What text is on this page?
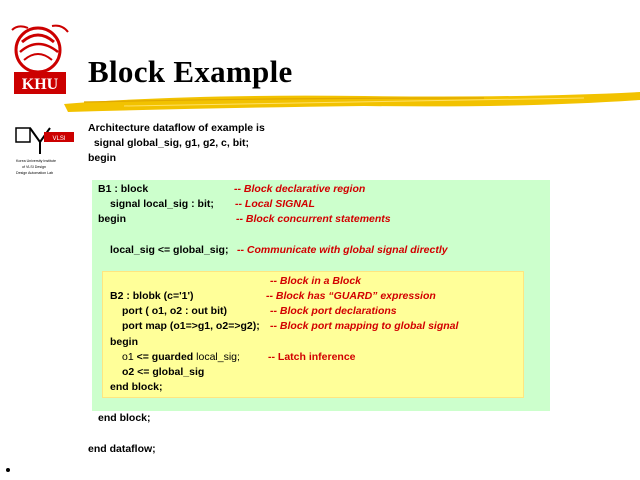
KHU Block Example
VLSI
Korea University Institute
of VLSI Design
Design Automation Lab
Architecture dataflow of example is
signal global_sig, g1, g2, c, bit;
begin
B1 : block	-- Block declarative region
signal local_sig : bit; -- Local SIGNAL
begin	-- Block concurrent statements
local_sig <= global_sig; -- Communicate with global signal directly
-- Block in a Block
B2 : blobk (c='1')	-- Block has “GUARD” expression
port ( o1, o2 : out bit)	-- Block port declarations
port map (o1=>g1, o2=>g2); -- Block port mapping to global signal
begin
o1 <= guarded local_sig;	-- Latch inference
o2 <= global_sig
end block;
end block;
end dataflow;
